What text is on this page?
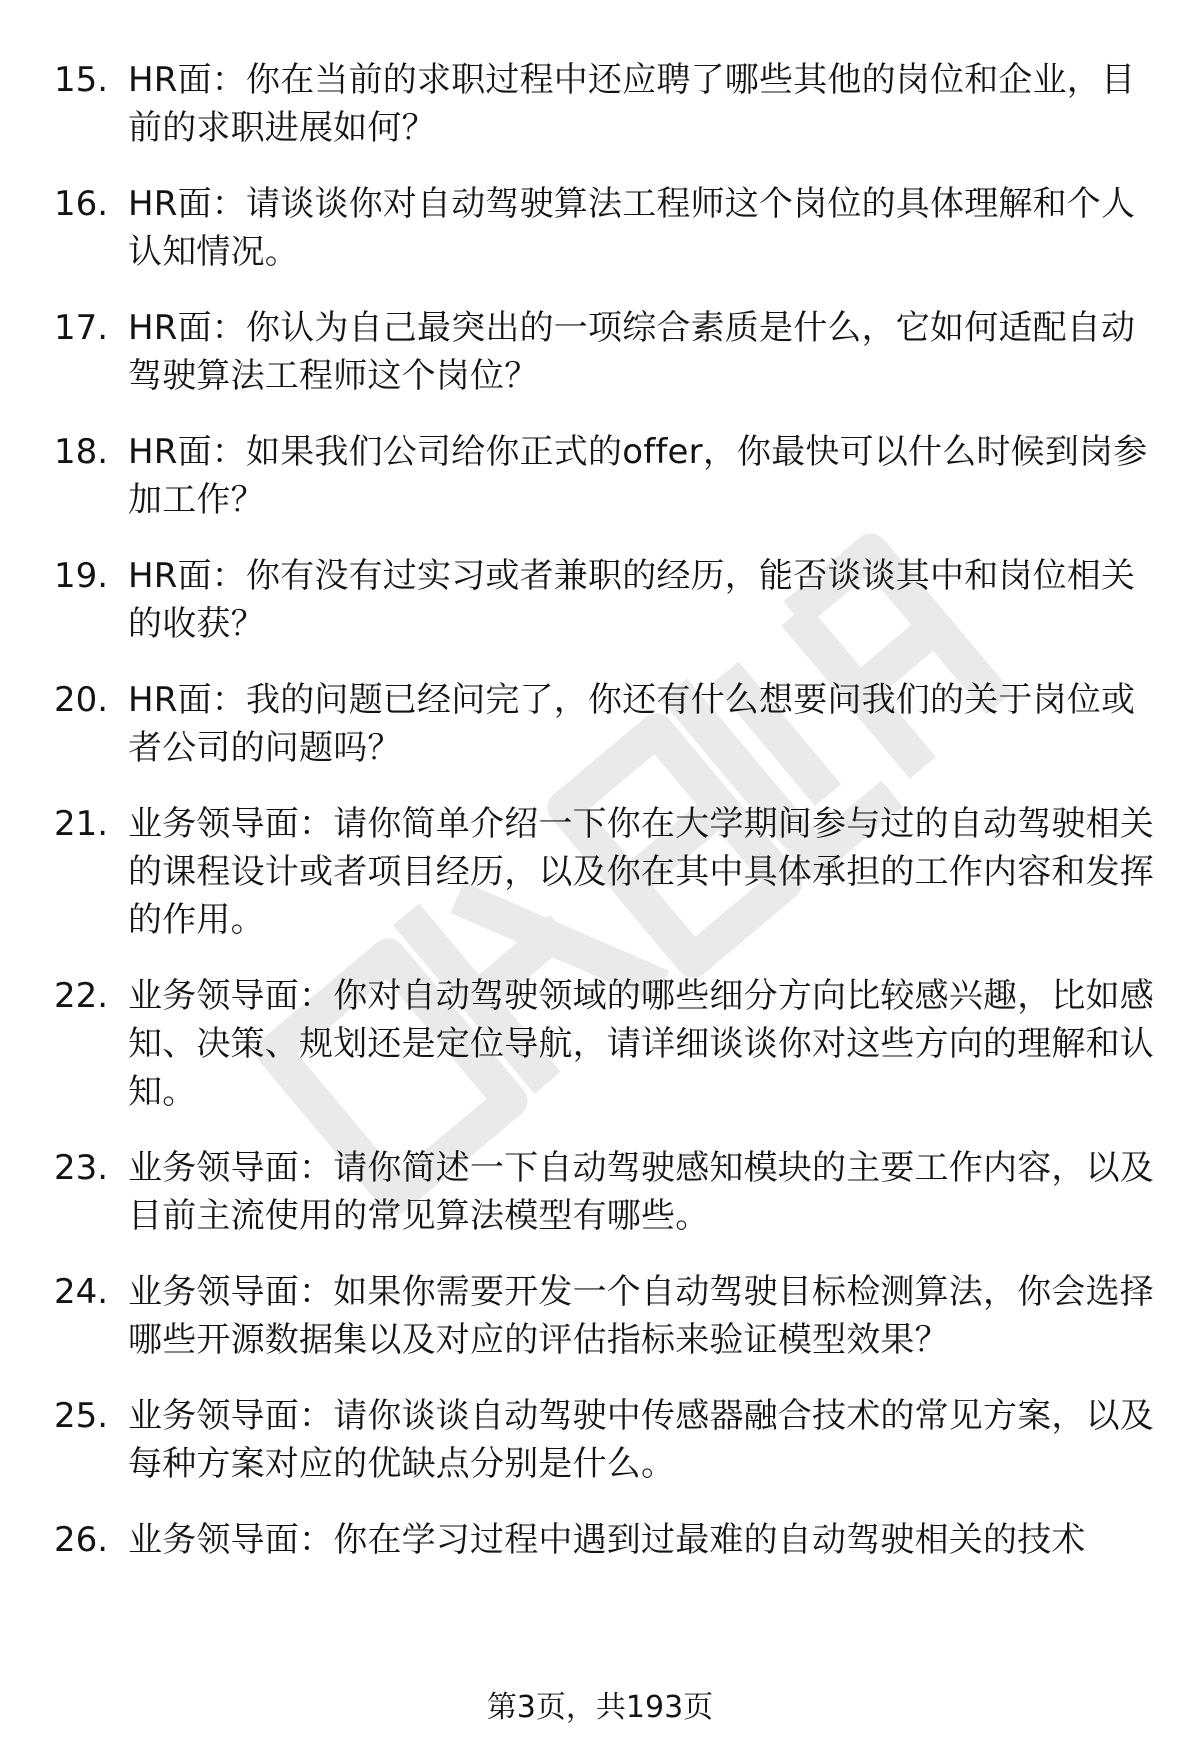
15. HR面：你在当前的求职过程中还应聘了哪些其他的岗位和企业，目前的求职进展如何？
16. HR面：请谈谈你对自动驾驶算法工程师这个岗位的具体理解和个人认知情况。
17. HR面：你认为自己最突出的一项综合素质是什么，它如何适配自动驾驶算法工程师这个岗位？
18. HR面：如果我们公司给你正式的offer，你最快可以什么时候到岗参加工作？
19. HR面：你有没有过实习或者兼职的经历，能否谈谈其中和岗位相关的收获？
20. HR面：我的问题已经问完了，你还有什么想要问我们的关于岗位或者公司的问题吗？
21. 业务领导面：请你简单介绍一下你在大学期间参与过的自动驾驶相关的课程设计或者项目经历，以及你在其中具体承担的工作内容和发挥的作用。
22. 业务领导面：你对自动驾驶领域的哪些细分方向比较感兴趣，比如感知、决策、规划还是定位导航，请详细谈谈你对这些方向的理解和认知。
23. 业务领导面：请你简述一下自动驾驶感知模块的主要工作内容，以及目前主流使用的常见算法模型有哪些。
24. 业务领导面：如果你需要开发一个自动驾驶目标检测算法，你会选择哪些开源数据集以及对应的评估指标来验证模型效果？
25. 业务领导面：请你谈谈自动驾驶中传感器融合技术的常见方案，以及每种方案对应的优缺点分别是什么。
26. 业务领导面：你在学习过程中遇到过最难的自动驾驶相关的技术
第3页，共193页
